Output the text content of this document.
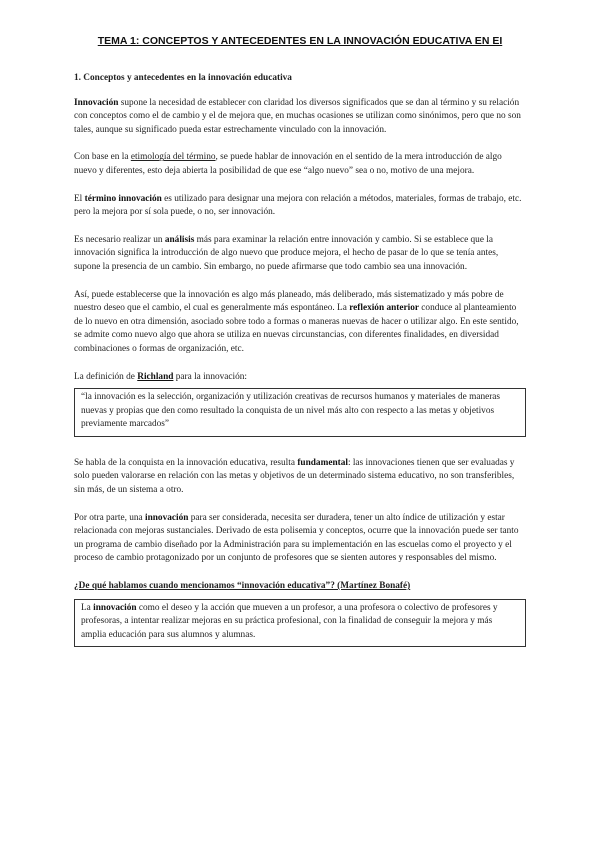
TEMA 1: CONCEPTOS Y ANTECEDENTES EN LA INNOVACIÓN EDUCATIVA EN EI
1. Conceptos y antecedentes en la innovación educativa

Innovación supone la necesidad de establecer con claridad los diversos significados que se dan al término y su relación con conceptos como el de cambio y el de mejora que, en muchas ocasiones se utilizan como sinónimos, pero que no son tales, aunque su significado pueda estar estrechamente vinculado con la innovación.

Con base en la etimología del término, se puede hablar de innovación en el sentido de la mera introducción de algo nuevo y diferentes, esto deja abierta la posibilidad de que ese “algo nuevo” sea o no, motivo de una mejora.

El término innovación es utilizado para designar una mejora con relación a métodos, materiales, formas de trabajo, etc. pero la mejora por sí sola puede, o no, ser innovación.

Es necesario realizar un análisis más para examinar la relación entre innovación y cambio. Si se establece que la innovación significa la introducción de algo nuevo que produce mejora, el hecho de pasar de lo que se tenía antes, supone la presencia de un cambio. Sin embargo, no puede afirmarse que todo cambio sea una innovación.

Así, puede establecerse que la innovación es algo más planeado, más deliberado, más sistematizado y más pobre de nuestro deseo que el cambio, el cual es generalmente más espontáneo. La reflexión anterior conduce al planteamiento de lo nuevo en otra dimensión, asociado sobre todo a formas o maneras nuevas de hacer o utilizar algo. En este sentido, se admite como nuevo algo que ahora se utiliza en nuevas circunstancias, con diferentes finalidades, en diversidad combinaciones o formas de organización, etc.

La definición de Richland para la innovación:

“la innovación es la selección, organización y utilización creativas de recursos humanos y materiales de maneras nuevas y propias que den como resultado la conquista de un nivel más alto con respecto a las metas y objetivos previamente marcados”

Se habla de la conquista en la innovación educativa, resulta fundamental: las innovaciones tienen que ser evaluadas y solo pueden valorarse en relación con las metas y objetivos de un determinado sistema educativo, no son transferibles, sin más, de un sistema a otro.

Por otra parte, una innovación para ser considerada, necesita ser duradera, tener un alto índice de utilización y estar relacionada con mejoras sustanciales. Derivado de esta polisemia y conceptos, ocurre que la innovación puede ser tanto un programa de cambio diseñado por la Administración para su implementación en las escuelas como el proyecto y el proceso de cambio protagonizado por un conjunto de profesores que se sienten autores y responsables del mismo.

¿De qué hablamos cuando mencionamos “innovación educativa”? (Martínez Bonafé)
La innovación como el deseo y la acción que mueven a un profesor, a una profesora o colectivo de profesores y profesoras, a intentar realizar mejoras en su práctica profesional, con la finalidad de conseguir la mejora y más amplia educación para sus alumnos y alumnas.
